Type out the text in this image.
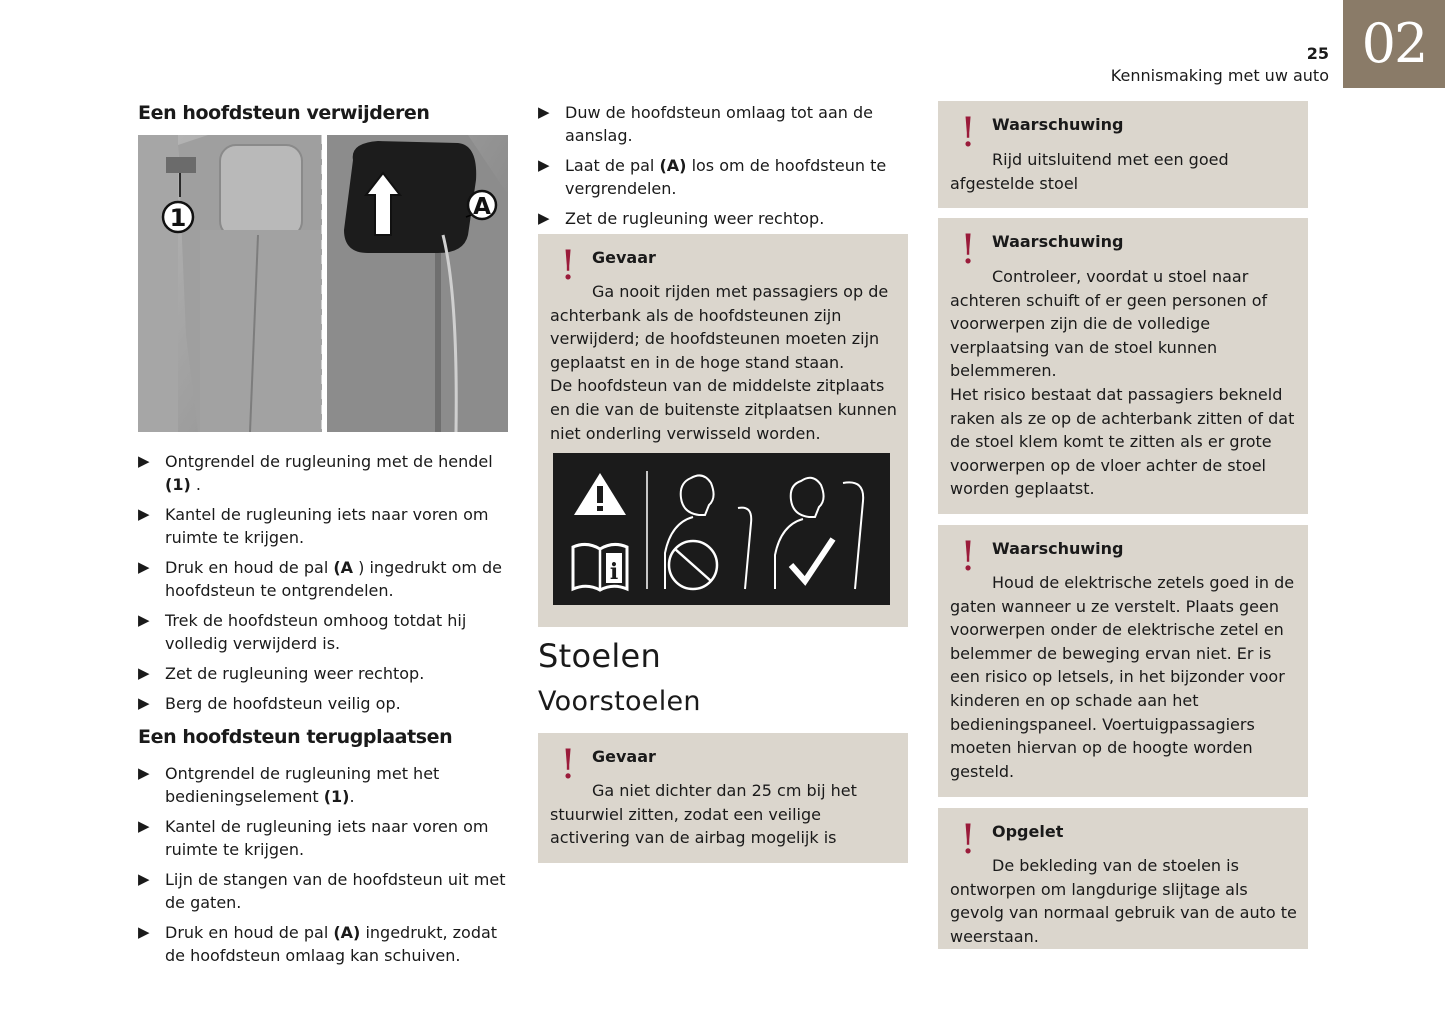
02
25
Kennismaking met uw auto
Een hoofdsteun verwijderen
1	A
▶ Ontgrendel de rugleuning met de hendel (1) .
▶ Kantel de rugleuning iets naar voren om ruimte te krijgen.
▶ Druk en houd de pal (A ) ingedrukt om de hoofdsteun te ontgrendelen.
▶ Trek de hoofdsteun omhoog totdat hij volledig verwijderd is.
▶ Zet de rugleuning weer rechtop.
▶ Berg de hoofdsteun veilig op.
Een hoofdsteun terugplaatsen
▶ Ontgrendel de rugleuning met het bedieningselement (1).
▶ Kantel de rugleuning iets naar voren om ruimte te krijgen.
▶ Lijn de stangen van de hoofdsteun uit met de gaten.
▶ Druk en houd de pal (A) ingedrukt, zodat de hoofdsteun omlaag kan schuiven.
▶ Duw de hoofdsteun omlaag tot aan de aanslag.
▶ Laat de pal (A) los om de hoofdsteun te vergrendelen.
▶ Zet de rugleuning weer rechtop.
! Gevaar
Ga nooit rijden met passagiers op de achterbank als de hoofdsteunen zijn verwijderd; de hoofdsteunen moeten zijn geplaatst en in de hoge stand staan.
De hoofdsteun van de middelste zitplaats en die van de buitenste zitplaatsen kunnen niet onderling verwisseld worden.
i
Stoelen
Voorstoelen
! Gevaar
Ga niet dichter dan 25 cm bij het stuurwiel zitten, zodat een veilige activering van de airbag mogelijk is
! Waarschuwing
Rijd uitsluitend met een goed afgestelde stoel
! Waarschuwing
Controleer, voordat u stoel naar achteren schuift of er geen personen of voorwerpen zijn die de volledige verplaatsing van de stoel kunnen belemmeren.
Het risico bestaat dat passagiers bekneld raken als ze op de achterbank zitten of dat de stoel klem komt te zitten als er grote voorwerpen op de vloer achter de stoel worden geplaatst.
! Waarschuwing
Houd de elektrische zetels goed in de gaten wanneer u ze verstelt. Plaats geen voorwerpen onder de elektrische zetel en belemmer de beweging ervan niet. Er is een risico op letsels, in het bijzonder voor kinderen en op schade aan het bedieningspaneel. Voertuigpassagiers moeten hiervan op de hoogte worden gesteld.
! Opgelet
De bekleding van de stoelen is ontworpen om langdurige slijtage als gevolg van normaal gebruik van de auto te weerstaan.
